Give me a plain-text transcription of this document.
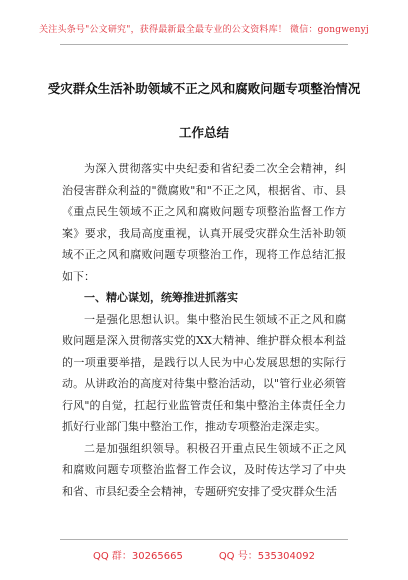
关注头条号"公文研究"，获得最新最全最专业的公文资料库！ 微信：gongwenyj
受灾群众生活补助领域不正之风和腐败问题专项整治情况
工作总结

为深入贯彻落实中央纪委和省纪委二次全会精神，纠治侵害群众利益的"微腐败"和"不正之风，根据省、市、县《重点民生领域不正之风和腐败问题专项整治监督工作方案》要求，我局高度重视，认真开展受灾群众生活补助领域不正之风和腐败问题专项整治工作，现将工作总结汇报如下：

一、精心谋划，统筹推进抓落实

一是强化思想认识。集中整治民生领域不正之风和腐败问题是深入贯彻落实党的XX大精神、维护群众根本利益的一项重要举措，是践行以人民为中心发展思想的实际行动。从讲政治的高度对待集中整治活动，以"管行业必须管行风"的自觉，扛起行业监管责任和集中整治主体责任全力抓好行业部门集中整治工作，推动专项整治走深走实。

二是加强组织领导。积极召开重点民生领域不正之风和腐败问题专项整治监督工作会议，及时传达学习了中央和省、市县纪委全会精神，专题研究安排了受灾群众生活

QQ 群：30265665	QQ 号：535304092
